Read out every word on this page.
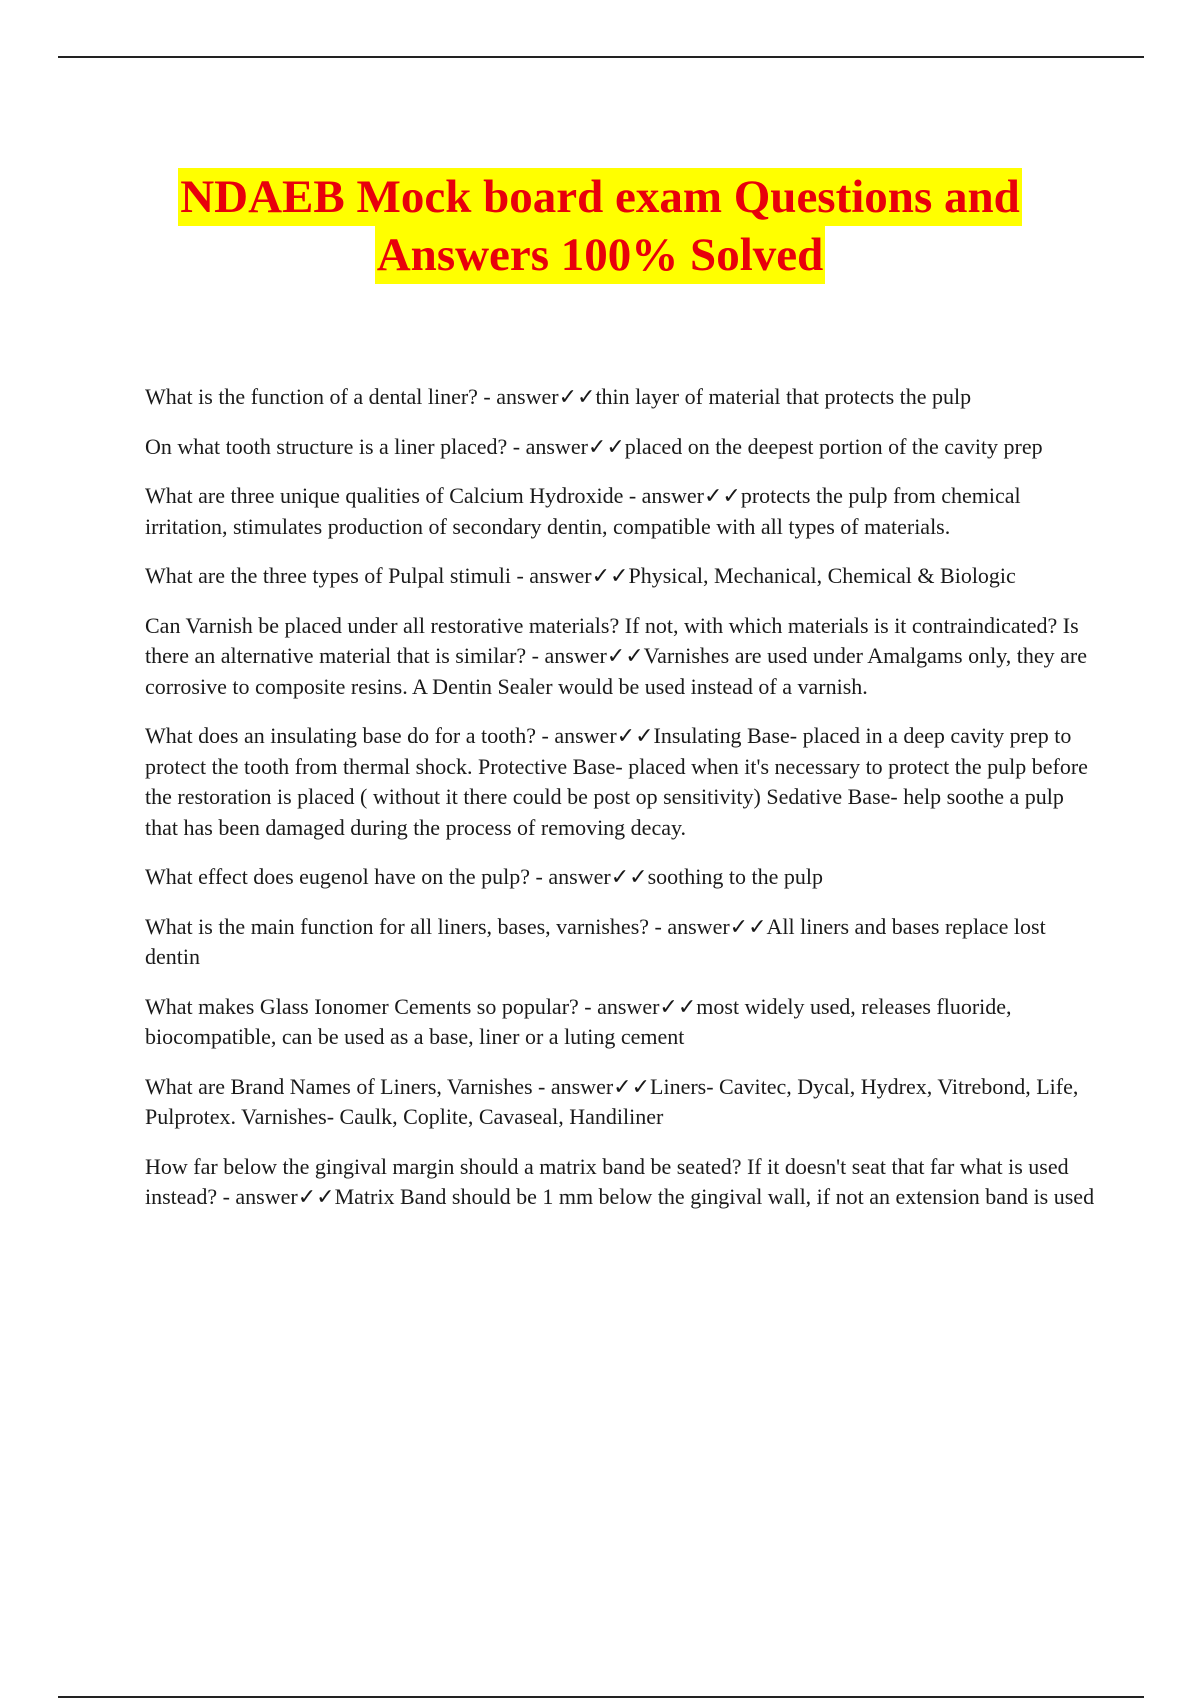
NDAEB Mock board exam Questions and
Answers 100% Solved

What is the function of a dental liner? - answer✓✓thin layer of material that protects the pulp

On what tooth structure is a liner placed? - answer✓✓placed on the deepest portion of the cavity prep

What are three unique qualities of Calcium Hydroxide - answer✓✓protects the pulp from chemical irritation, stimulates production of secondary dentin, compatible with all types of materials.

What are the three types of Pulpal stimuli - answer✓✓Physical, Mechanical, Chemical & Biologic

Can Varnish be placed under all restorative materials? If not, with which materials is it contraindicated? Is there an alternative material that is similar? - answer✓✓Varnishes are used under Amalgams only, they are corrosive to composite resins. A Dentin Sealer would be used instead of a varnish.

What does an insulating base do for a tooth? - answer✓✓Insulating Base- placed in a deep cavity prep to protect the tooth from thermal shock. Protective Base- placed when it's necessary to protect the pulp before the restoration is placed ( without it there could be post op sensitivity) Sedative Base- help soothe a pulp that has been damaged during the process of removing decay.

What effect does eugenol have on the pulp? - answer✓✓soothing to the pulp

What is the main function for all liners, bases, varnishes? - answer✓✓All liners and bases replace lost dentin

What makes Glass Ionomer Cements so popular? - answer✓✓most widely used, releases fluoride, biocompatible, can be used as a base, liner or a luting cement

What are Brand Names of Liners, Varnishes - answer✓✓Liners- Cavitec, Dycal, Hydrex, Vitrebond, Life, Pulprotex. Varnishes- Caulk, Coplite, Cavaseal, Handiliner

How far below the gingival margin should a matrix band be seated? If it doesn't seat that far what is used instead? - answer✓✓Matrix Band should be 1 mm below the gingival wall, if not an extension band is used
